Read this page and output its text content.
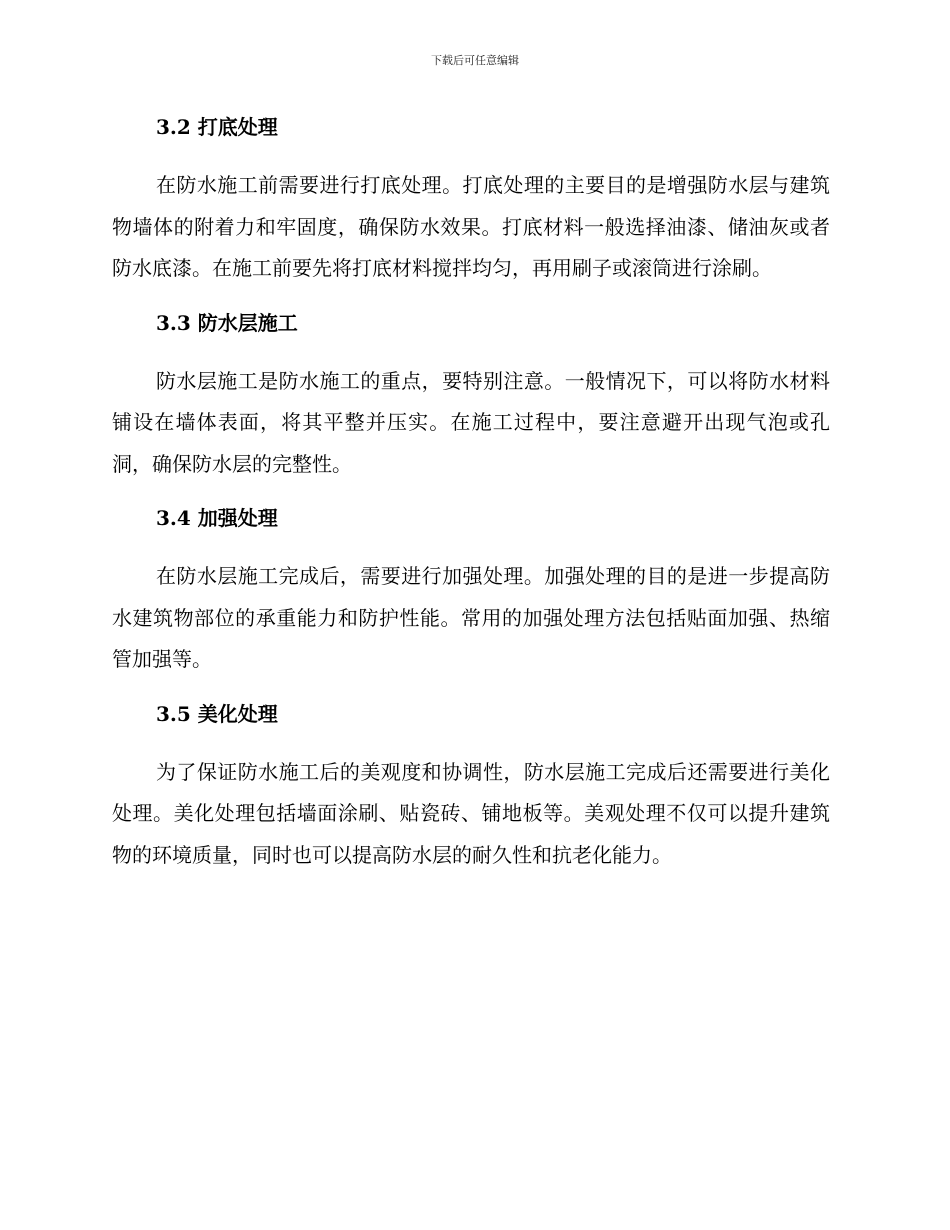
下载后可任意编辑
3.2 打底处理

在防水施工前需要进行打底处理。打底处理的主要目的是增强防水层与建筑物墙体的附着力和牢固度，确保防水效果。打底材料一般选择油漆、储油灰或者防水底漆。在施工前要先将打底材料搅拌均匀，再用刷子或滚筒进行涂刷。

3.3 防水层施工

防水层施工是防水施工的重点，要特别注意。一般情况下，可以将防水材料铺设在墙体表面，将其平整并压实。在施工过程中，要注意避开出现气泡或孔洞，确保防水层的完整性。

3.4 加强处理

在防水层施工完成后，需要进行加强处理。加强处理的目的是进一步提高防水建筑物部位的承重能力和防护性能。常用的加强处理方法包括贴面加强、热缩管加强等。

3.5 美化处理

为了保证防水施工后的美观度和协调性，防水层施工完成后还需要进行美化处理。美化处理包括墙面涂刷、贴瓷砖、铺地板等。美观处理不仅可以提升建筑物的环境质量，同时也可以提高防水层的耐久性和抗老化能力。
